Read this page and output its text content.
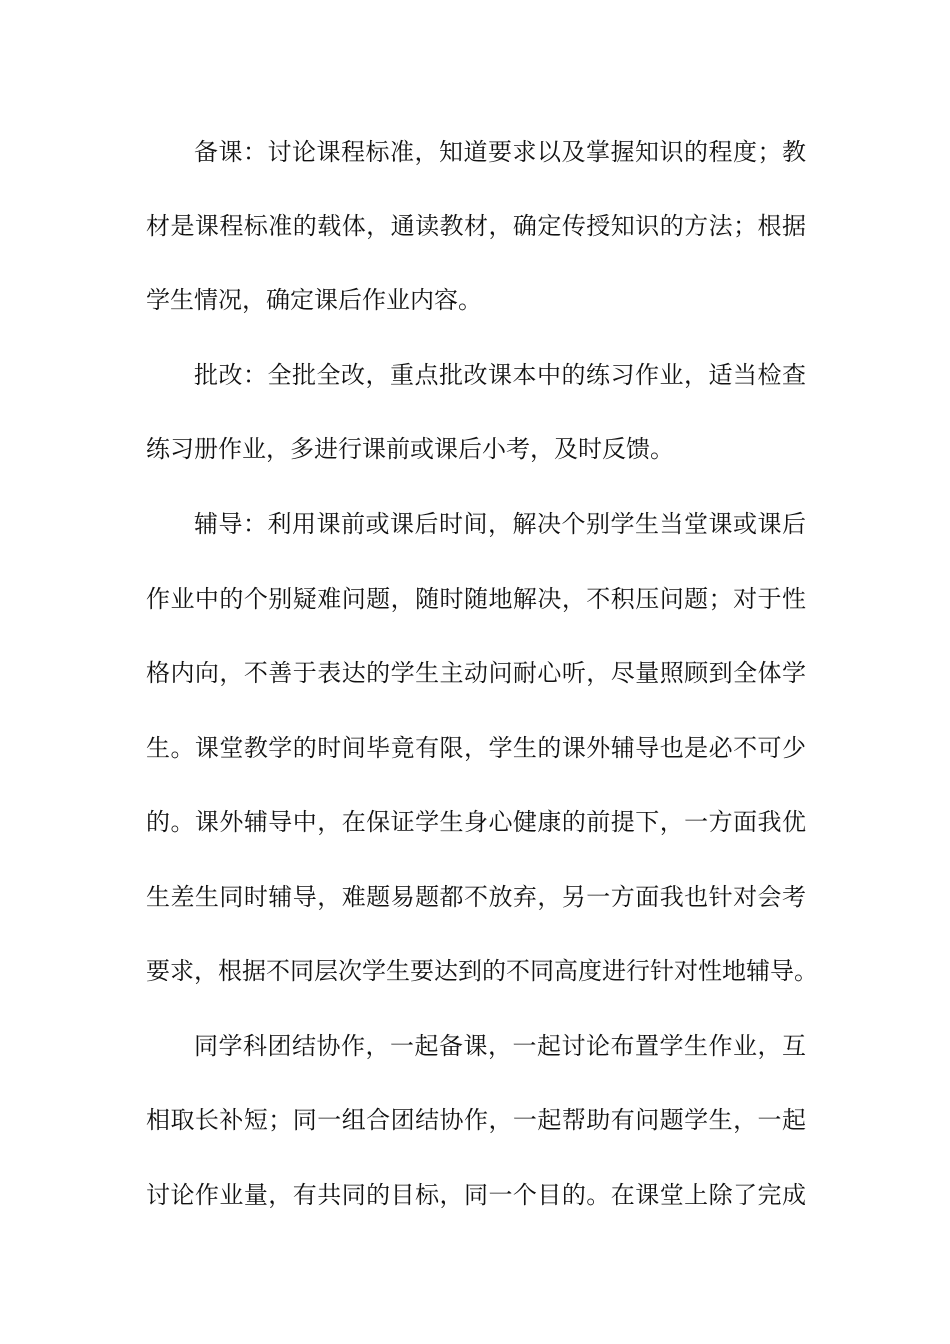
备课：讨论课程标准，知道要求以及掌握知识的程度；教
材是课程标准的载体，通读教材，确定传授知识的方法；根据
学生情况，确定课后作业内容。
批改：全批全改，重点批改课本中的练习作业，适当检查
练习册作业，多进行课前或课后小考，及时反馈。
辅导：利用课前或课后时间，解决个别学生当堂课或课后
作业中的个别疑难问题，随时随地解决，不积压问题；对于性
格内向，不善于表达的学生主动问耐心听，尽量照顾到全体学
生。课堂教学的时间毕竟有限，学生的课外辅导也是必不可少
的。课外辅导中，在保证学生身心健康的前提下，一方面我优
生差生同时辅导，难题易题都不放弃，另一方面我也针对会考
要求，根据不同层次学生要达到的不同高度进行针对性地辅导。
同学科团结协作，一起备课，一起讨论布置学生作业，互
相取长补短；同一组合团结协作，一起帮助有问题学生，一起
讨论作业量，有共同的目标，同一个目的。在课堂上除了完成
